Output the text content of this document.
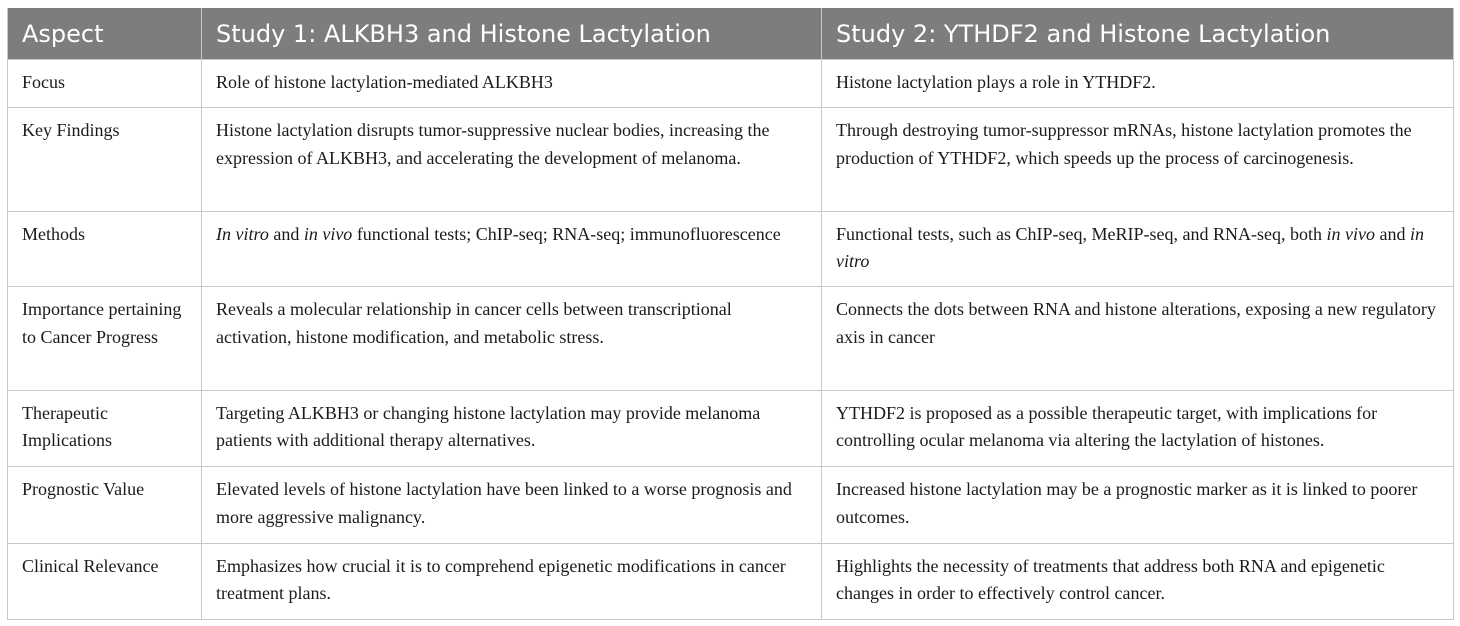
Aspect	Study 1: ALKBH3 and Histone Lactylation	Study 2: YTHDF2 and Histone Lactylation
Focus	Role of histone lactylation-mediated ALKBH3	Histone lactylation plays a role in YTHDF2.
Key Findings	Histone lactylation disrupts tumor-suppressive nuclear bodies, increasing the expression of ALKBH3, and accelerating the development of melanoma.	Through destroying tumor-suppressor mRNAs, histone lactylation promotes the production of YTHDF2, which speeds up the process of carcinogenesis.
Methods	In vitro and in vivo functional tests; ChIP-seq; RNA-seq; immunofluorescence	Functional tests, such as ChIP-seq, MeRIP-seq, and RNA-seq, both in vivo and in vitro
Importance pertaining to Cancer Progress	Reveals a molecular relationship in cancer cells between transcriptional activation, histone modification, and metabolic stress.	Connects the dots between RNA and histone alterations, exposing a new regulatory axis in cancer
Therapeutic Implications	Targeting ALKBH3 or changing histone lactylation may provide melanoma patients with additional therapy alternatives.	YTHDF2 is proposed as a possible therapeutic target, with implications for controlling ocular melanoma via altering the lactylation of histones.
Prognostic Value	Elevated levels of histone lactylation have been linked to a worse prognosis and more aggressive malignancy.	Increased histone lactylation may be a prognostic marker as it is linked to poorer outcomes.
Clinical Relevance	Emphasizes how crucial it is to comprehend epigenetic modifications in cancer treatment plans.	Highlights the necessity of treatments that address both RNA and epigenetic changes in order to effectively control cancer.
